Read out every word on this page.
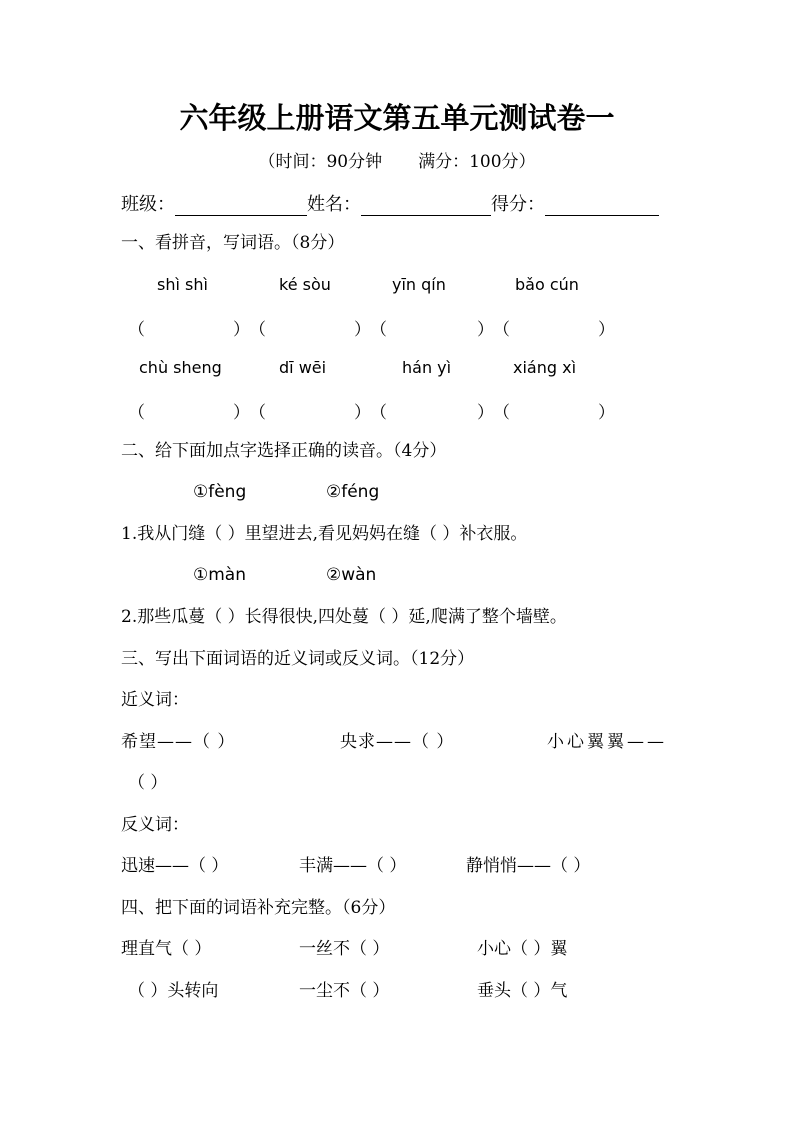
六年级上册语文第五单元测试卷一
（时间：90分钟 满分：100分）
班级：	姓名：	得分：
一、看拼音，写词语。（8分）
shì shì	ké sòu	yīn qín	bǎo cún
（	） （	） （	） （	）
chù sheng	dī wēi	hán yì	xiáng xì
（	） （	） （	） （	）
二、给下面加点字选择正确的读音。（4分）
①fèng	②féng
1.我从门缝（ ）里望进去,看见妈妈在缝（ ）补衣服。
①màn	②wàn
2.那些瓜蔓（ ）长得很快,四处蔓（ ）延,爬满了整个墙壁。
三、写出下面词语的近义词或反义词。（12分）
近义词：
希望——（ ）	央求——（ ）	小心翼翼——
（ ）
反义词：
迅速——（ ）	丰满——（ ）	静悄悄——（ ）
四、把下面的词语补充完整。（6分）
理直气（ ）	一丝不（ ）	小心（ ）翼
（ ）头转向	一尘不（ ）	垂头（ ）气
